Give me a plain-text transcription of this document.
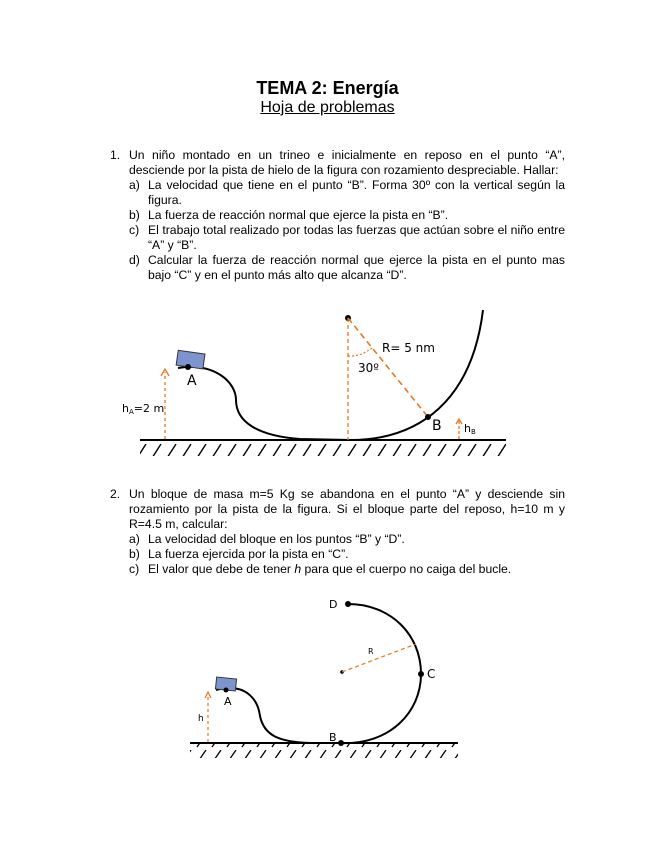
TEMA 2: Energía
Hoja de problemas
1. Un niño montado en un trineo e inicialmente en reposo en el punto “A”, desciende por la pista de hielo de la figura con rozamiento despreciable. Hallar:
a) La velocidad que tiene en el punto “B”. Forma 30º con la vertical según la figura.
b) La fuerza de reacción normal que ejerce la pista en “B”.
c) El trabajo total realizado por todas las fuerzas que actúan sobre el niño entre “A” y “B”.
d) Calcular la fuerza de reacción normal que ejerce la pista en el punto mas bajo “C” y en el punto más alto que alcanza “D”.
A
hA=2 m
30º
R= 5 nm
B hB
2. Un bloque de masa m=5 Kg se abandona en el punto “A” y desciende sin rozamiento por la pista de la figura. Si el bloque parte del reposo, h=10 m y R=4.5 m, calcular:
a) La velocidad del bloque en los puntos “B” y “D”.
b) La fuerza ejercida por la pista en “C”.
c) El valor que debe de tener h para que el cuerpo no caiga del bucle.
A
h
B
C
D
R
